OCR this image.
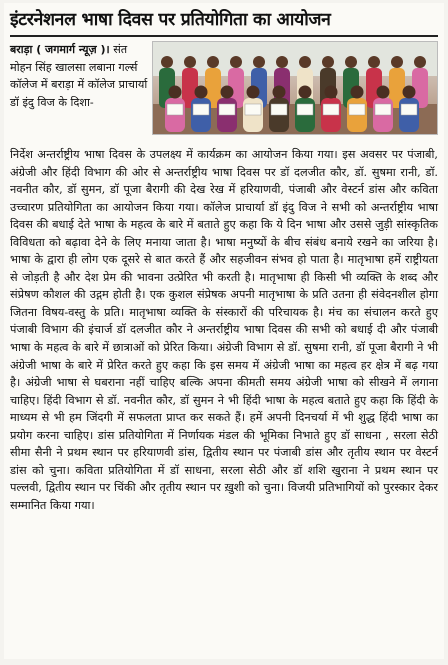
इंटरनेशनल भाषा दिवस पर प्रतियोगिता का आयोजन
बराड़ा ( जगमार्ग न्यूज़ )। संत मोहन सिंह खालसा लबाना गर्ल्स कॉलेज में बराड़ा में कॉलेज प्राचार्या डॉ इंदु विज के दिशा-
निर्देश अन्तर्राष्ट्रीय भाषा दिवस के उपलक्ष्य में कार्यक्रम का आयोजन किया गया। इस अवसर पर पंजाबी, अंग्रेजी और हिंदी विभाग की ओर से अन्तर्राष्ट्रीय भाषा दिवस पर डॉ दलजीत कौर, डॉ. सुषमा रानी, डॉ. नवनीत कौर, डॉ सुमन, डॉ पूजा बैरागी की देख रेख में हरियाणवी, पंजाबी और वेस्टर्न डांस और कविता उच्चारण प्रतियोगिता का आयोजन किया गया। कॉलेज प्राचार्या डॉ इंदु विज ने सभी को अन्तर्राष्ट्रीय भाषा दिवस की बधाई देते भाषा के महत्व के बारे में बताते हुए कहा कि ये दिन भाषा और उससे जुड़ी सांस्कृतिक विविधता को बढ़ावा देने के लिए मनाया जाता है। भाषा मनुष्यों के बीच संबंध बनाये रखने का जरिया है। भाषा के द्वारा ही लोग एक दूसरे से बात करते हैं और सहजीवन संभव हो पाता है। मातृभाषा हमें राष्ट्रीयता से जोड़ती है और देश प्रेम की भावना उत्प्रेरित भी करती है। मातृभाषा ही किसी भी व्यक्ति के शब्द और संप्रेषण कौशल की उद्गम होती है। एक कुशल संप्रेषक अपनी मातृभाषा के प्रति उतना ही संवेदनशील होगा जितना विषय-वस्तु के प्रति। मातृभाषा व्यक्ति के संस्कारों की परिचायक है। मंच का संचालन करते हुए पंजाबी विभाग की इंचार्ज डॉ दलजीत कौर ने अन्तर्राष्ट्रीय भाषा दिवस की सभी को बधाई दी और पंजाबी भाषा के महत्व के बारे में छात्राओं को प्रेरित किया। अंग्रेजी विभाग से डॉ. सुषमा रानी, डॉ पूजा बैरागी ने भी अंग्रेजी भाषा के बारे में प्रेरित करते हुए कहा कि इस समय में अंग्रेजी भाषा का महत्व हर क्षेत्र में बढ़ गया है। अंग्रेजी भाषा से घबराना नहीं चाहिए बल्कि अपना कीमती समय अंग्रेजी भाषा को सीखने में लगाना चाहिए। हिंदी विभाग से डॉ. नवनीत कौर, डॉ सुमन ने भी हिंदी भाषा के महत्व बताते हुए कहा कि हिंदी के माध्यम से भी हम जिंदगी में सफलता प्राप्त कर सकते हैं। हमें अपनी दिनचर्या में भी शुद्ध हिंदी भाषा का प्रयोग करना चाहिए। डांस प्रतियोगिता में निर्णायक मंडल की भूमिका निभाते हुए डॉ साधना , सरला सेठी सीमा सैनी ने प्रथम स्थान पर हरियाणवी डांस, द्वितीय स्थान पर पंजाबी डांस और तृतीय स्थान पर वेस्टर्न डांस को चुना। कविता प्रतियोगिता में डॉ साधना, सरला सेठी और डॉ शशि खुराना ने प्रथम स्थान पर पल्लवी, द्वितीय स्थान पर चिंकी और तृतीय स्थान पर ख़ुशी को चुना। विजयी प्रतिभागियों को पुरस्कार देकर सम्मानित किया गया।
